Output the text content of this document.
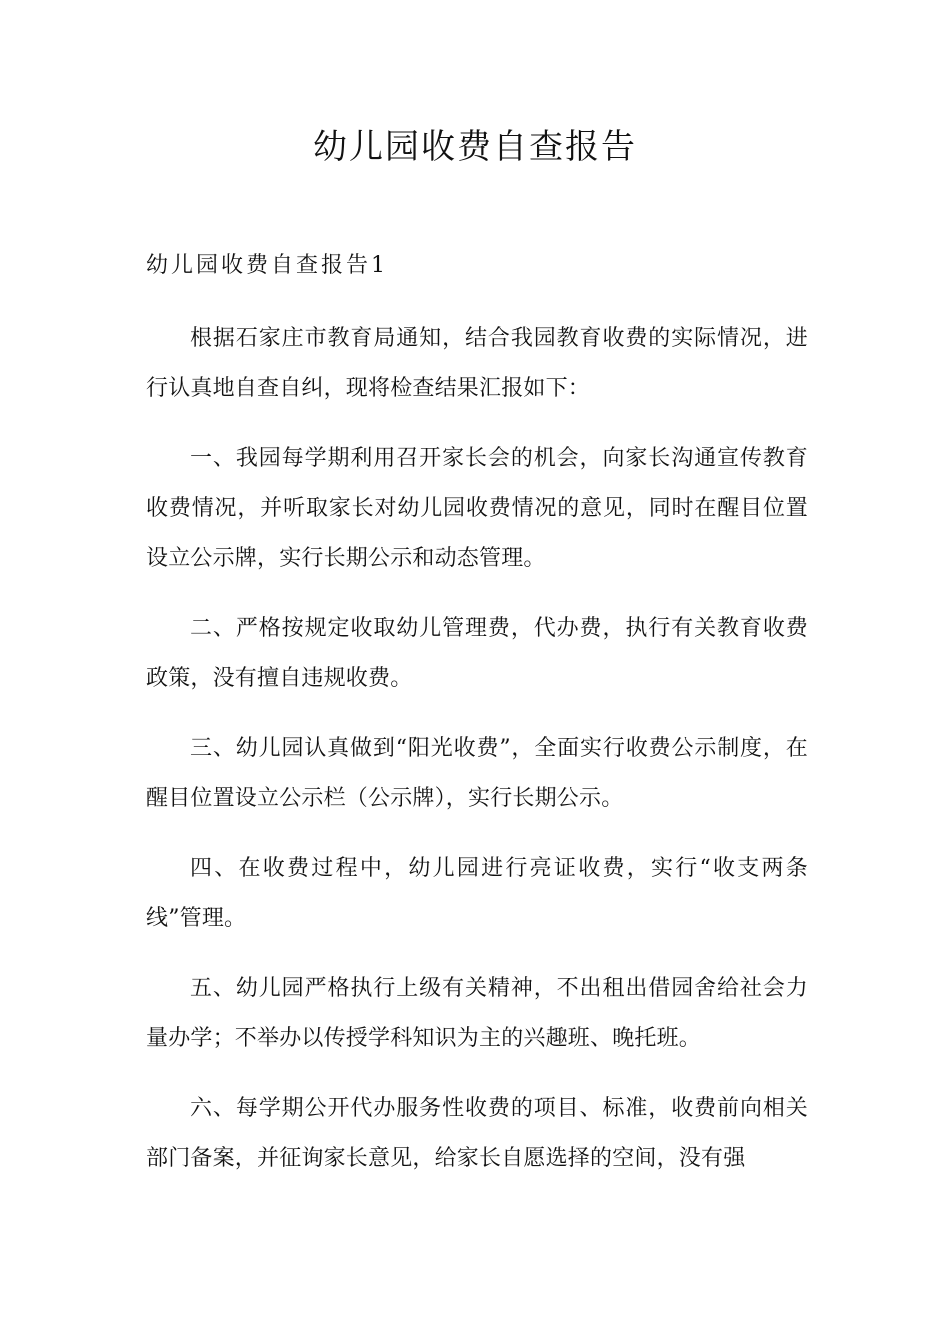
幼儿园收费自查报告
幼儿园收费自查报告1

根据石家庄市教育局通知，结合我园教育收费的实际情况，进行认真地自查自纠，现将检查结果汇报如下：

一、我园每学期利用召开家长会的机会，向家长沟通宣传教育收费情况，并听取家长对幼儿园收费情况的意见，同时在醒目位置设立公示牌，实行长期公示和动态管理。

二、严格按规定收取幼儿管理费，代办费，执行有关教育收费政策，没有擅自违规收费。

三、幼儿园认真做到“阳光收费”，全面实行收费公示制度，在醒目位置设立公示栏（公示牌），实行长期公示。

四、在收费过程中，幼儿园进行亮证收费，实行“收支两条线”管理。

五、幼儿园严格执行上级有关精神，不出租出借园舍给社会力量办学；不举办以传授学科知识为主的兴趣班、晚托班。

六、每学期公开代办服务性收费的项目、标准，收费前向相关部门备案，并征询家长意见，给家长自愿选择的空间，没有强
